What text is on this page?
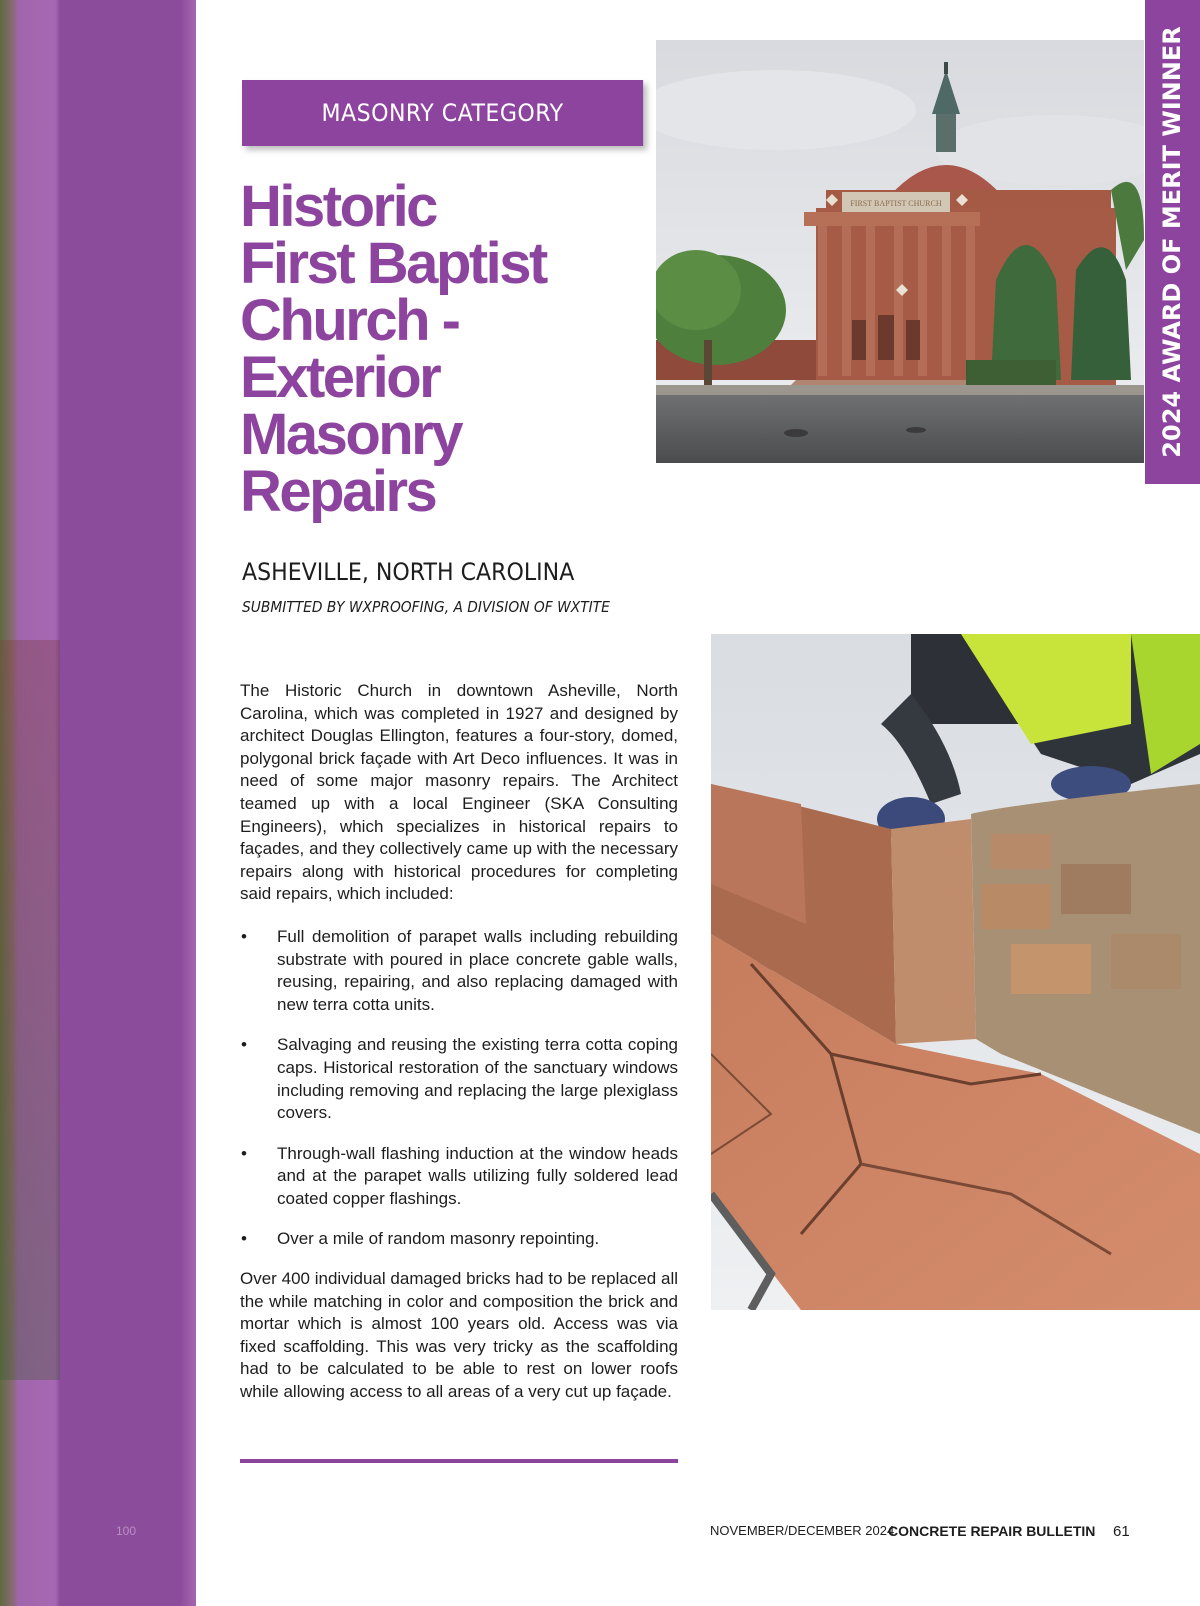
100
MASONRY CATEGORY
Historic
First Baptist
Church -
Exterior
Masonry
Repairs
ASHEVILLE, NORTH CAROLINA
SUBMITTED BY WXPROOFING, A DIVISION OF WXTITE

The Historic Church in downtown Asheville, North Carolina, which was completed in 1927 and designed by architect Douglas Ellington, features a four-story, domed, polygonal brick façade with Art Deco influences. It was in need of some major masonry repairs. The Architect teamed up with a local Engineer (SKA Consulting Engineers), which specializes in historical repairs to façades, and they collectively came up with the necessary repairs along with historical procedures for completing said repairs, which included:

• Full demolition of parapet walls including rebuilding substrate with poured in place concrete gable walls, reusing, repairing, and also replacing damaged with new terra cotta units.
• Salvaging and reusing the existing terra cotta coping caps. Historical restoration of the sanctuary windows including removing and replacing the large plexiglass covers.
• Through-wall flashing induction at the window heads and at the parapet walls utilizing fully soldered lead coated copper flashings.
• Over a mile of random masonry repointing.

Over 400 individual damaged bricks had to be replaced all the while matching in color and composition the brick and mortar which is almost 100 years old. Access was via fixed scaffolding. This was very tricky as the scaffolding had to be calculated to be able to rest on lower roofs while allowing access to all areas of a very cut up façade.

FIRST BAPTIST CHURCH	2024 AWARD OF MERIT WINNER
NOVEMBER/DECEMBER 2024
CONCRETE REPAIR BULLETIN 61
